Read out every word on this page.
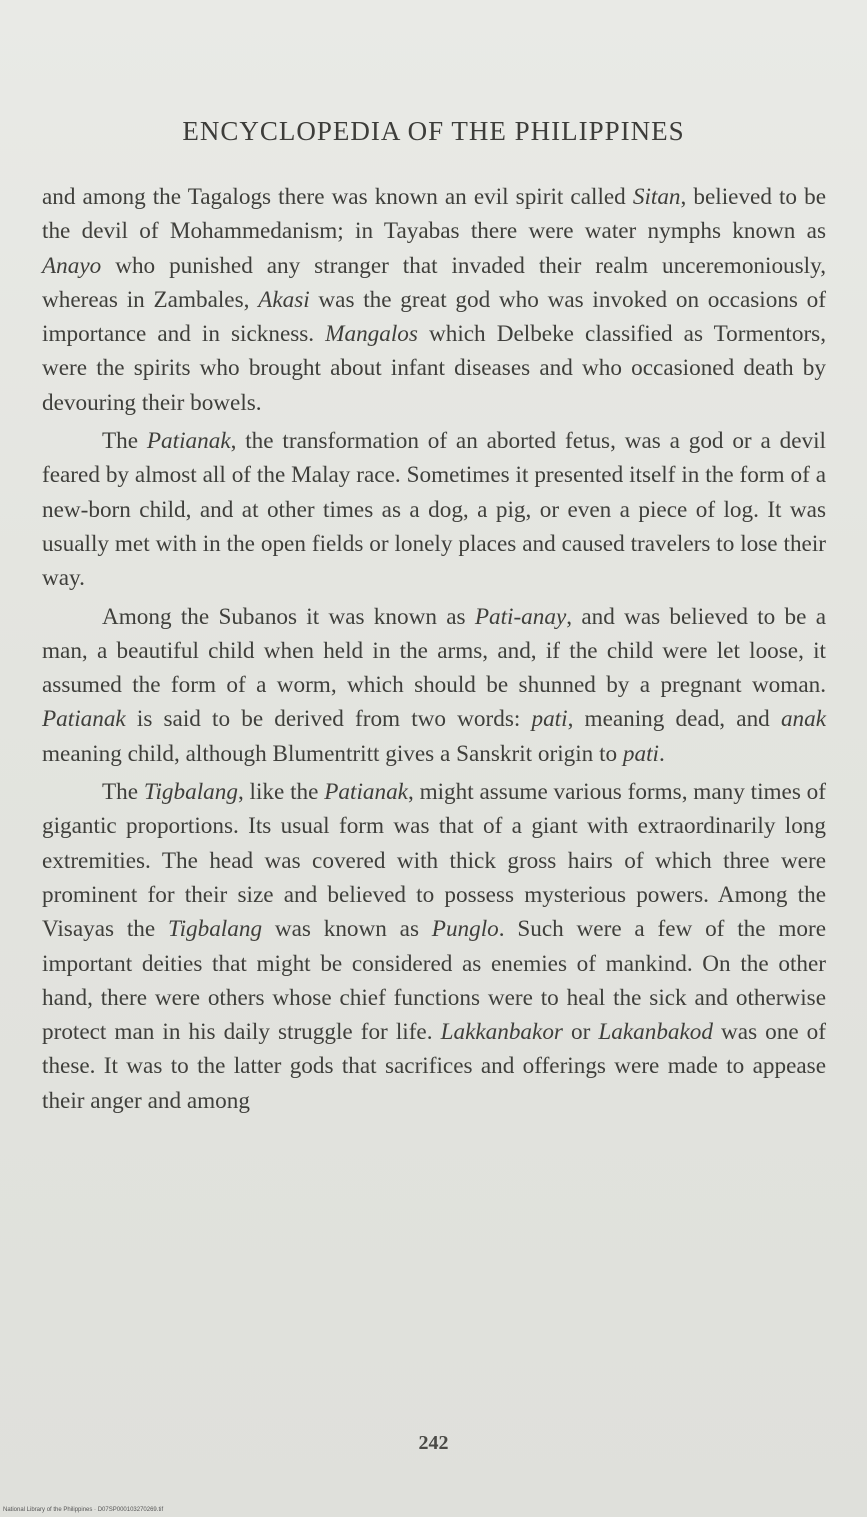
ENCYCLOPEDIA OF THE PHILIPPINES

and among the Tagalogs there was known an evil spirit called Sitan, believed to be the devil of Mohammedanism; in Tayabas there were water nymphs known as Anayo who punished any stranger that invaded their realm unceremoniously, whereas in Zambales, Akasi was the great god who was invoked on occasions of importance and in sickness. Mangalos which Delbeke classified as Tormentors, were the spirits who brought about infant diseases and who occasioned death by devouring their bowels.

The Patianak, the transformation of an aborted fetus, was a god or a devil feared by almost all of the Malay race. Sometimes it presented itself in the form of a new-born child, and at other times as a dog, a pig, or even a piece of log. It was usually met with in the open fields or lonely places and caused travelers to lose their way.

Among the Subanos it was known as Pati-anay, and was believed to be a man, a beautiful child when held in the arms, and, if the child were let loose, it assumed the form of a worm, which should be shunned by a pregnant woman. Patianak is said to be derived from two words: pati, meaning dead, and anak meaning child, although Blumentritt gives a Sanskrit origin to pati.

The Tigbalang, like the Patianak, might assume various forms, many times of gigantic proportions. Its usual form was that of a giant with extraordinarily long extremities. The head was covered with thick gross hairs of which three were prominent for their size and believed to possess mysterious powers. Among the Visayas the Tigbalang was known as Punglo. Such were a few of the more important deities that might be considered as enemies of mankind. On the other hand, there were others whose chief functions were to heal the sick and otherwise protect man in his daily struggle for life. Lakkanbakor or Lakanbakod was one of these. It was to the latter gods that sacrifices and offerings were made to appease their anger and among

242
National Library of the Philippines · D07SP000103270269.tif
